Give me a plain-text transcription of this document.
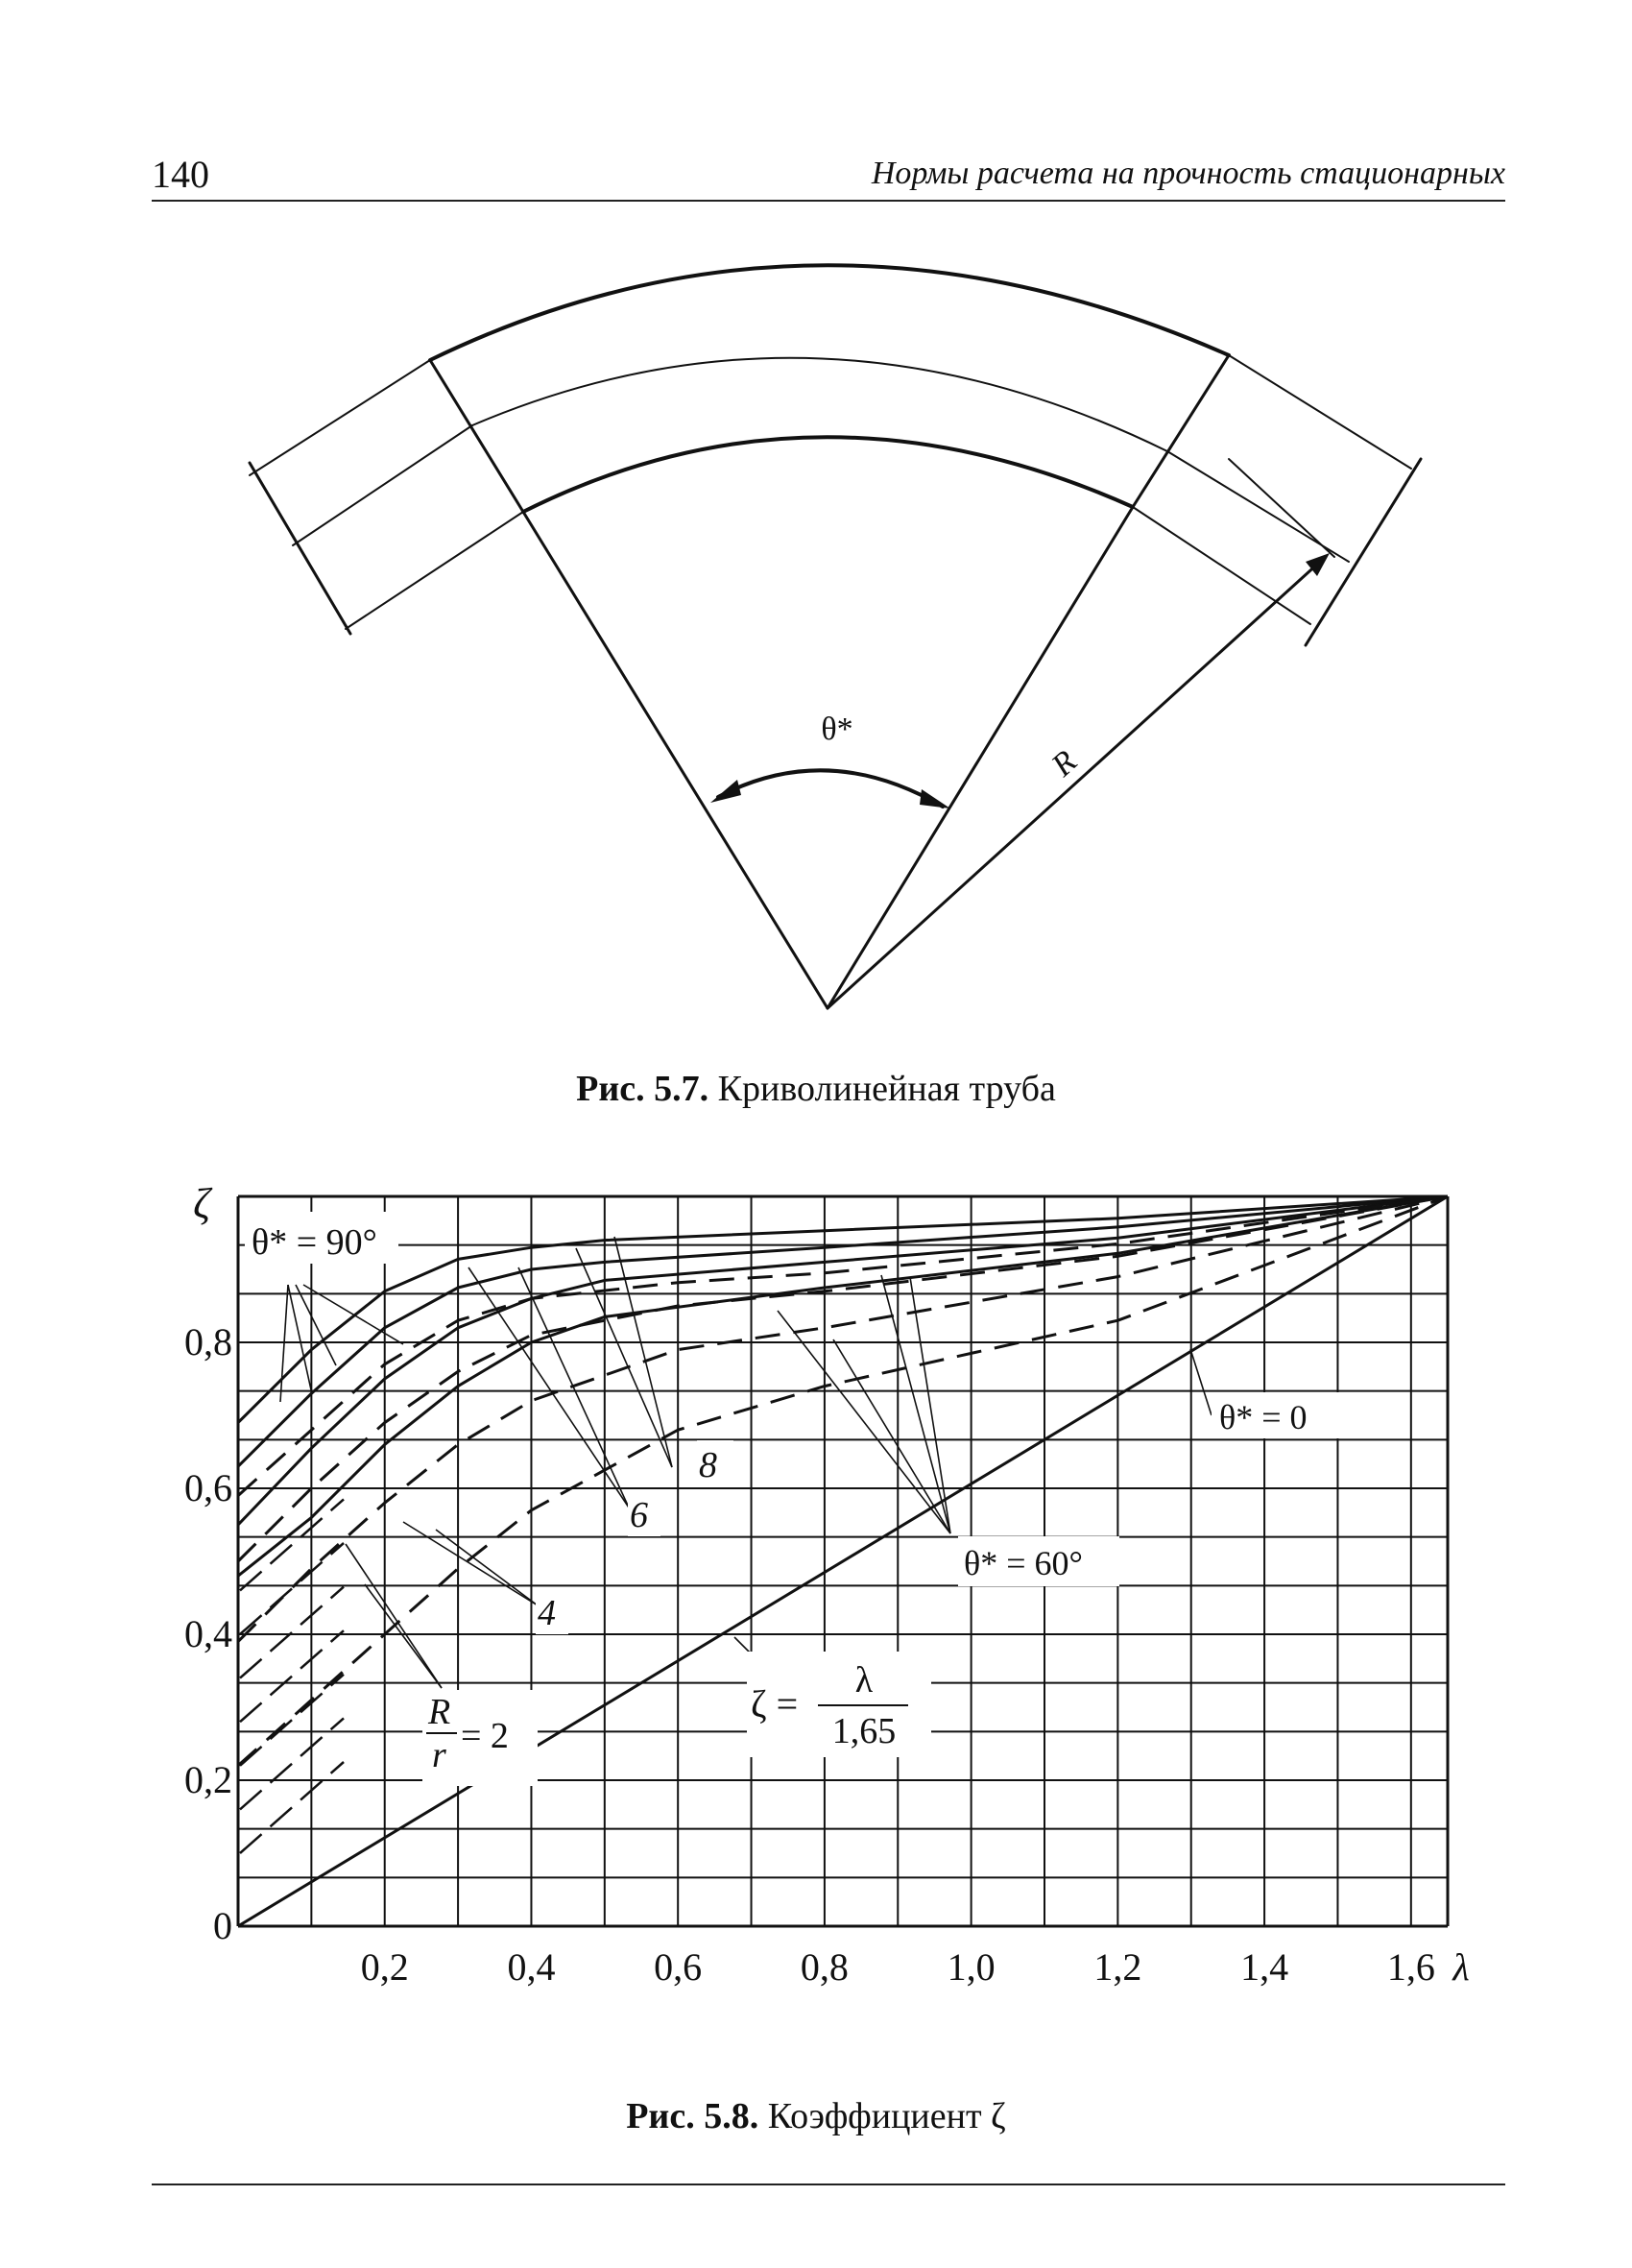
140	Нормы расчета на прочность стационарных
θ*
R
Рис. 5.7. Криволинейная труба
0,2	0,4	0,6	0,8	1,0	1,2	1,4	1,6
0
0,2
0,4
0,6
0,8
ζ
λ
θ* = 90°
θ* = 0
θ* = 60°
8
6
4
R
r = 2
ζ =
λ
1,65
Рис. 5.8. Коэффициент ζ
